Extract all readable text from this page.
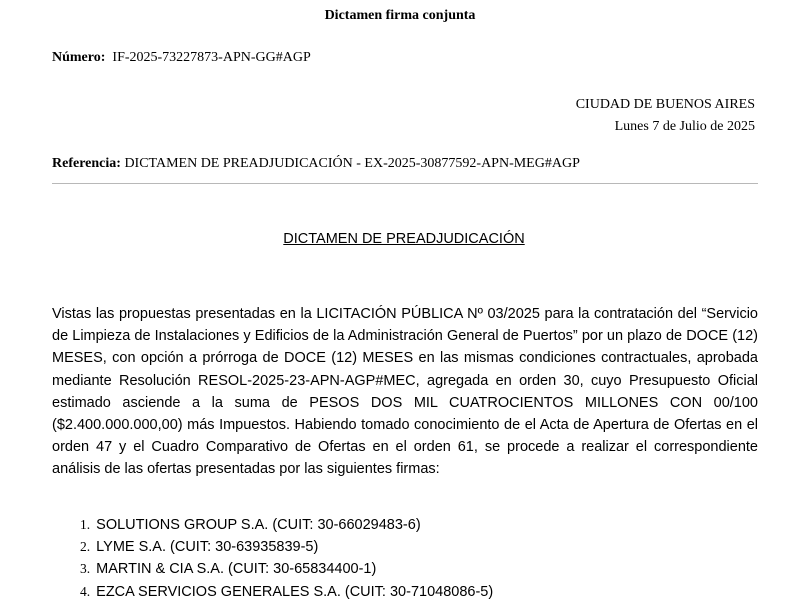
Dictamen firma conjunta
Número: IF-2025-73227873-APN-GG#AGP
CIUDAD DE BUENOS AIRES
Lunes 7 de Julio de 2025
Referencia: DICTAMEN DE PREADJUDICACIÓN - EX-2025-30877592-APN-MEG#AGP
DICTAMEN DE PREADJUDICACIÓN

Vistas las propuestas presentadas en la LICITACIÓN PÚBLICA Nº 03/2025 para la contratación del “Servicio de Limpieza de Instalaciones y Edificios de la Administración General de Puertos” por un plazo de DOCE (12) MESES, con opción a prórroga de DOCE (12) MESES en las mismas condiciones contractuales, aprobada mediante Resolución RESOL-2025-23-APN-AGP#MEC, agregada en orden 30, cuyo Presupuesto Oficial estimado asciende a la suma de PESOS DOS MIL CUATROCIENTOS MILLONES CON 00/100 ($2.400.000.000,00) más Impuestos. Habiendo tomado conocimiento de el Acta de Apertura de Ofertas en el orden 47 y el Cuadro Comparativo de Ofertas en el orden 61, se procede a realizar el correspondiente análisis de las ofertas presentadas por las siguientes firmas:

1. SOLUTIONS GROUP S.A. (CUIT: 30-66029483-6)
2. LYME S.A. (CUIT: 30-63935839-5)
3. MARTIN & CIA S.A. (CUIT: 30-65834400-1)
4. EZCA SERVICIOS GENERALES S.A. (CUIT: 30-71048086-5)
